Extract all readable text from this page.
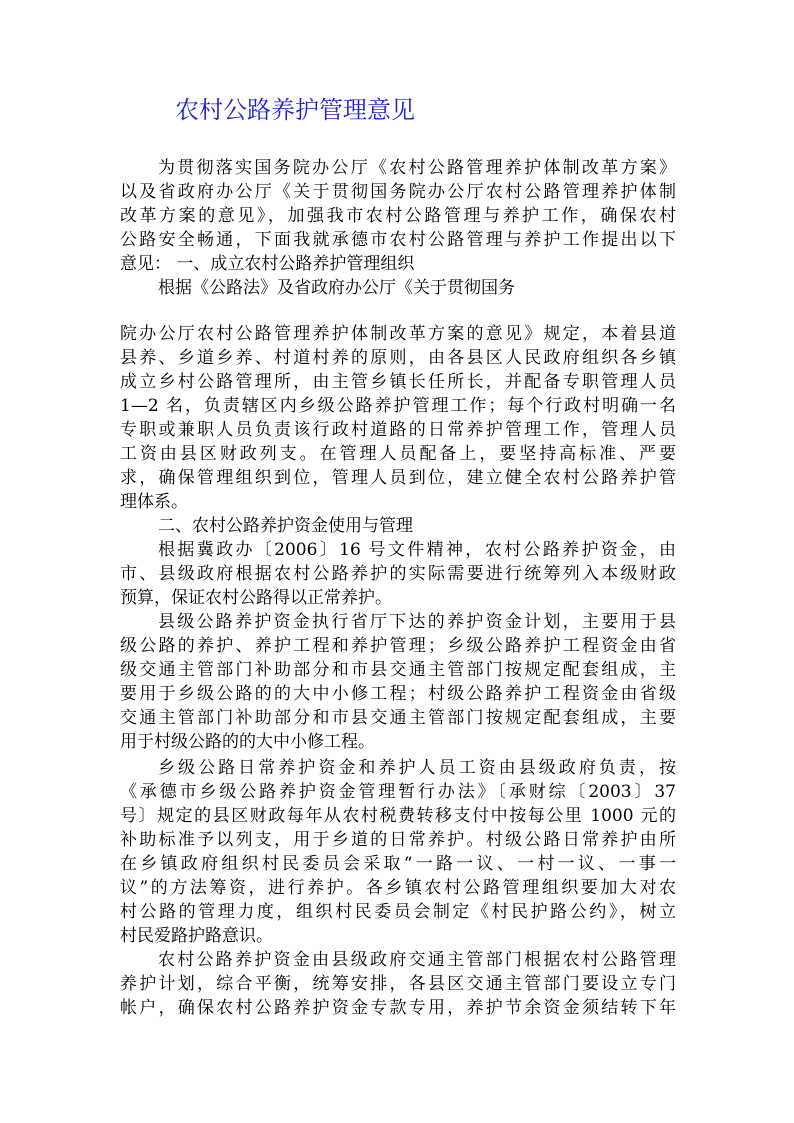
农村公路养护管理意见
为贯彻落实国务院办公厅《农村公路管理养护体制改革方案》
以及省政府办公厅《关于贯彻国务院办公厅农村公路管理养护体制
改革方案的意见》，加强我市农村公路管理与养护工作，确保农村
公路安全畅通，下面我就承德市农村公路管理与养护工作提出以下
意见： 一、成立农村公路养护管理组织
根据《公路法》及省政府办公厅《关于贯彻国务
院办公厅农村公路管理养护体制改革方案的意见》规定，本着县道
县养、乡道乡养、村道村养的原则，由各县区人民政府组织各乡镇
成立乡村公路管理所，由主管乡镇长任所长，并配备专职管理人员
1—2 名，负责辖区内乡级公路养护管理工作；每个行政村明确一名
专职或兼职人员负责该行政村道路的日常养护管理工作，管理人员
工资由县区财政列支。在管理人员配备上，要坚持高标准、严要
求，确保管理组织到位，管理人员到位，建立健全农村公路养护管
理体系。
二、农村公路养护资金使用与管理
根据冀政办〔2006〕16 号文件精神，农村公路养护资金，由
市、县级政府根据农村公路养护的实际需要进行统筹列入本级财政
预算，保证农村公路得以正常养护。
县级公路养护资金执行省厅下达的养护资金计划，主要用于县
级公路的养护、养护工程和养护管理；乡级公路养护工程资金由省
级交通主管部门补助部分和市县交通主管部门按规定配套组成，主
要用于乡级公路的的大中小修工程；村级公路养护工程资金由省级
交通主管部门补助部分和市县交通主管部门按规定配套组成，主要
用于村级公路的的大中小修工程。
乡级公路日常养护资金和养护人员工资由县级政府负责，按
《承德市乡级公路养护资金管理暂行办法》〔承财综〔2003〕37
号〕规定的县区财政每年从农村税费转移支付中按每公里 1000 元的
补助标准予以列支，用于乡道的日常养护。村级公路日常养护由所
在乡镇政府组织村民委员会采取“一路一议、一村一议、一事一
议”的方法筹资，进行养护。各乡镇农村公路管理组织要加大对农
村公路的管理力度，组织村民委员会制定《村民护路公约》，树立
村民爱路护路意识。
农村公路养护资金由县级政府交通主管部门根据农村公路管理
养护计划，综合平衡，统筹安排，各县区交通主管部门要设立专门
帐户，确保农村公路养护资金专款专用，养护节余资金须结转下年
